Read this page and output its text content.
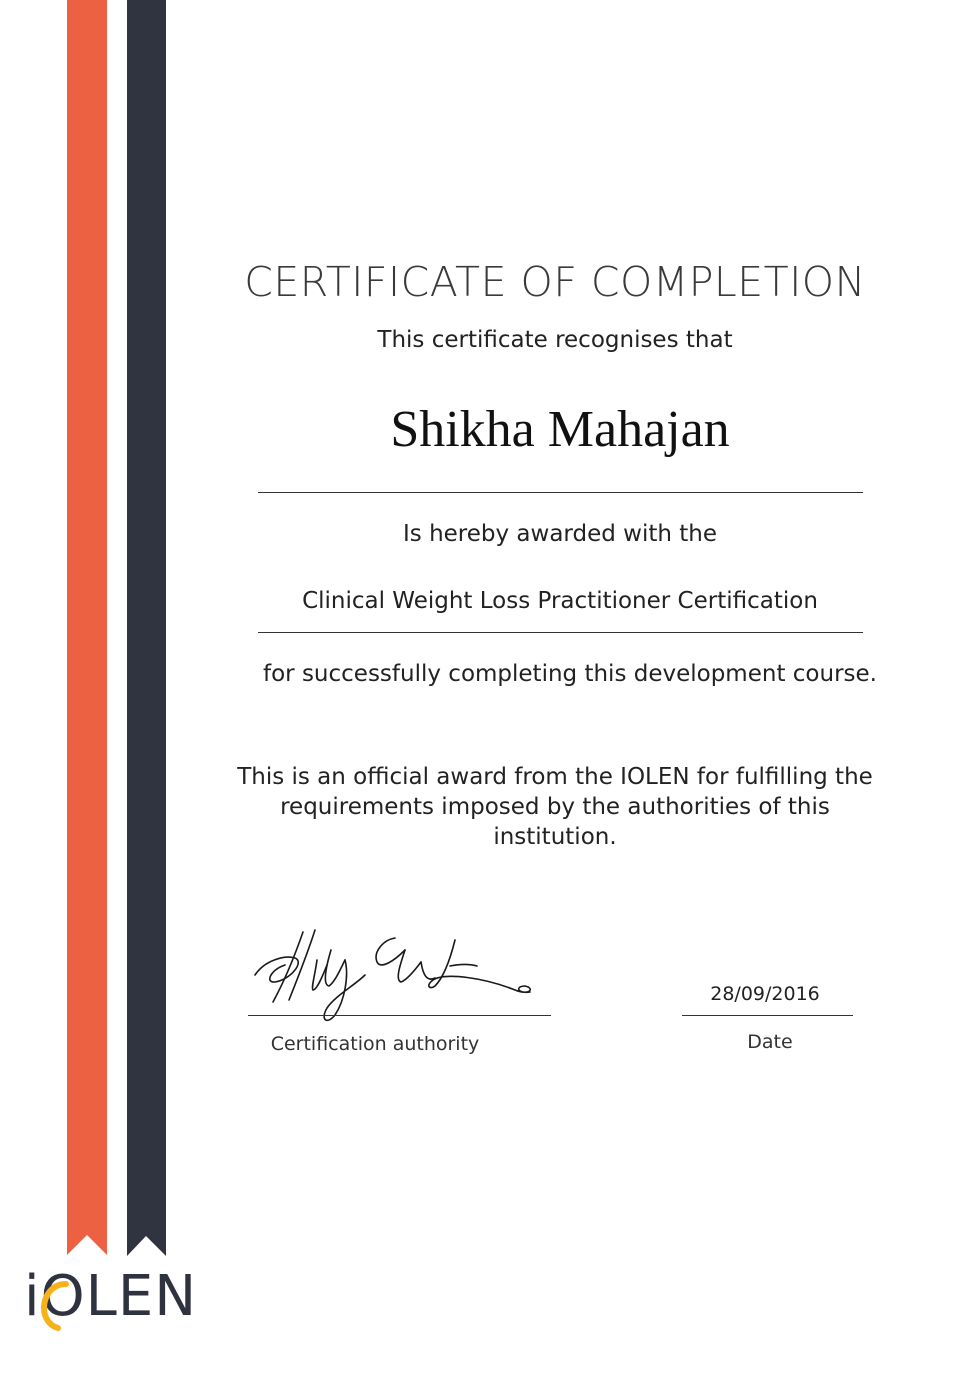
CERTIFICATE OF COMPLETION
This certificate recognises that
Shikha Mahajan
Is hereby awarded with the
Clinical Weight Loss Practitioner Certification
for successfully completing this development course.
This is an official award from the IOLEN for fulfilling the requirements imposed by the authorities of this institution.
Certification authority
28/09/2016
Date
i OLEN
